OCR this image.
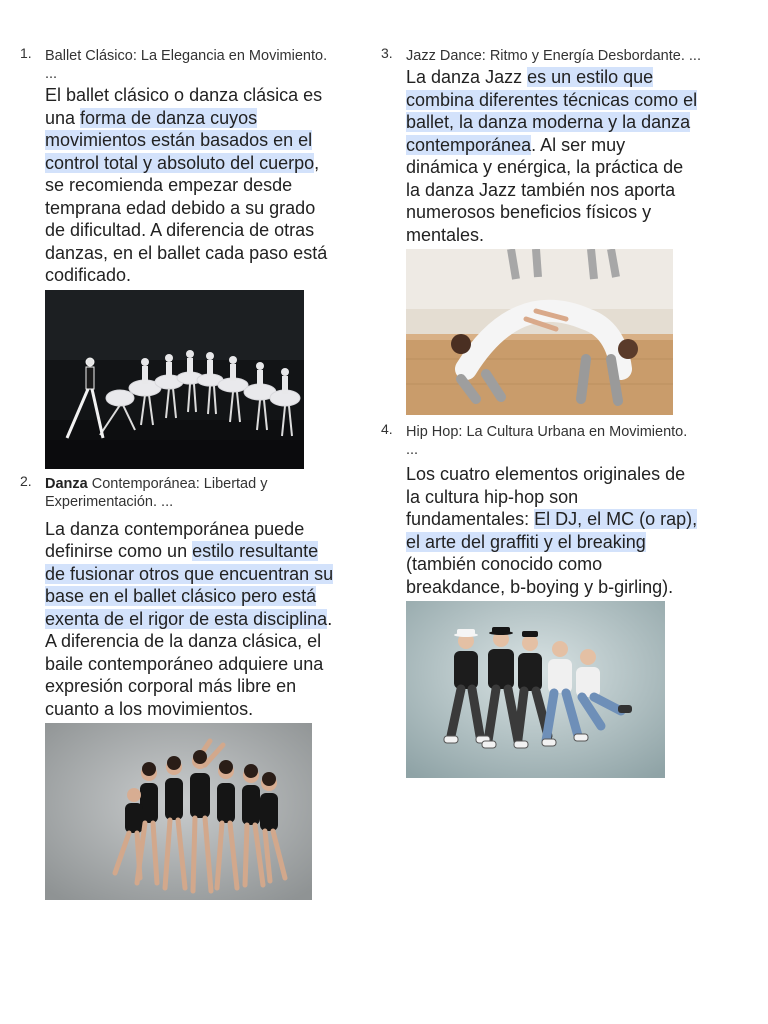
1. Ballet Clásico: La Elegancia en Movimiento. ...

El ballet clásico o danza clásica es una forma de danza cuyos movimientos están basados en el control total y absoluto del cuerpo, se recomienda empezar desde temprana edad debido a su grado de dificultad. A diferencia de otras danzas, en el ballet cada paso está codificado.

2. Danza Contemporánea: Libertad y Experimentación. ...

La danza contemporánea puede definirse como un estilo resultante de fusionar otros que encuentran su base en el ballet clásico pero está exenta de el rigor de esta disciplina. A diferencia de la danza clásica, el baile contemporáneo adquiere una expresión corporal más libre en cuanto a los movimientos.

3. Jazz Dance: Ritmo y Energía Desbordante. ...

La danza Jazz es un estilo que combina diferentes técnicas como el ballet, la danza moderna y la danza contemporánea. Al ser muy dinámica y enérgica, la práctica de la danza Jazz también nos aporta numerosos beneficios físicos y mentales.

4. Hip Hop: La Cultura Urbana en Movimiento. ...

Los cuatro elementos originales de la cultura hip-hop son fundamentales: El DJ, el MC (o rap), el arte del graffiti y el breaking (también conocido como breakdance, b-boying y b-girling).
